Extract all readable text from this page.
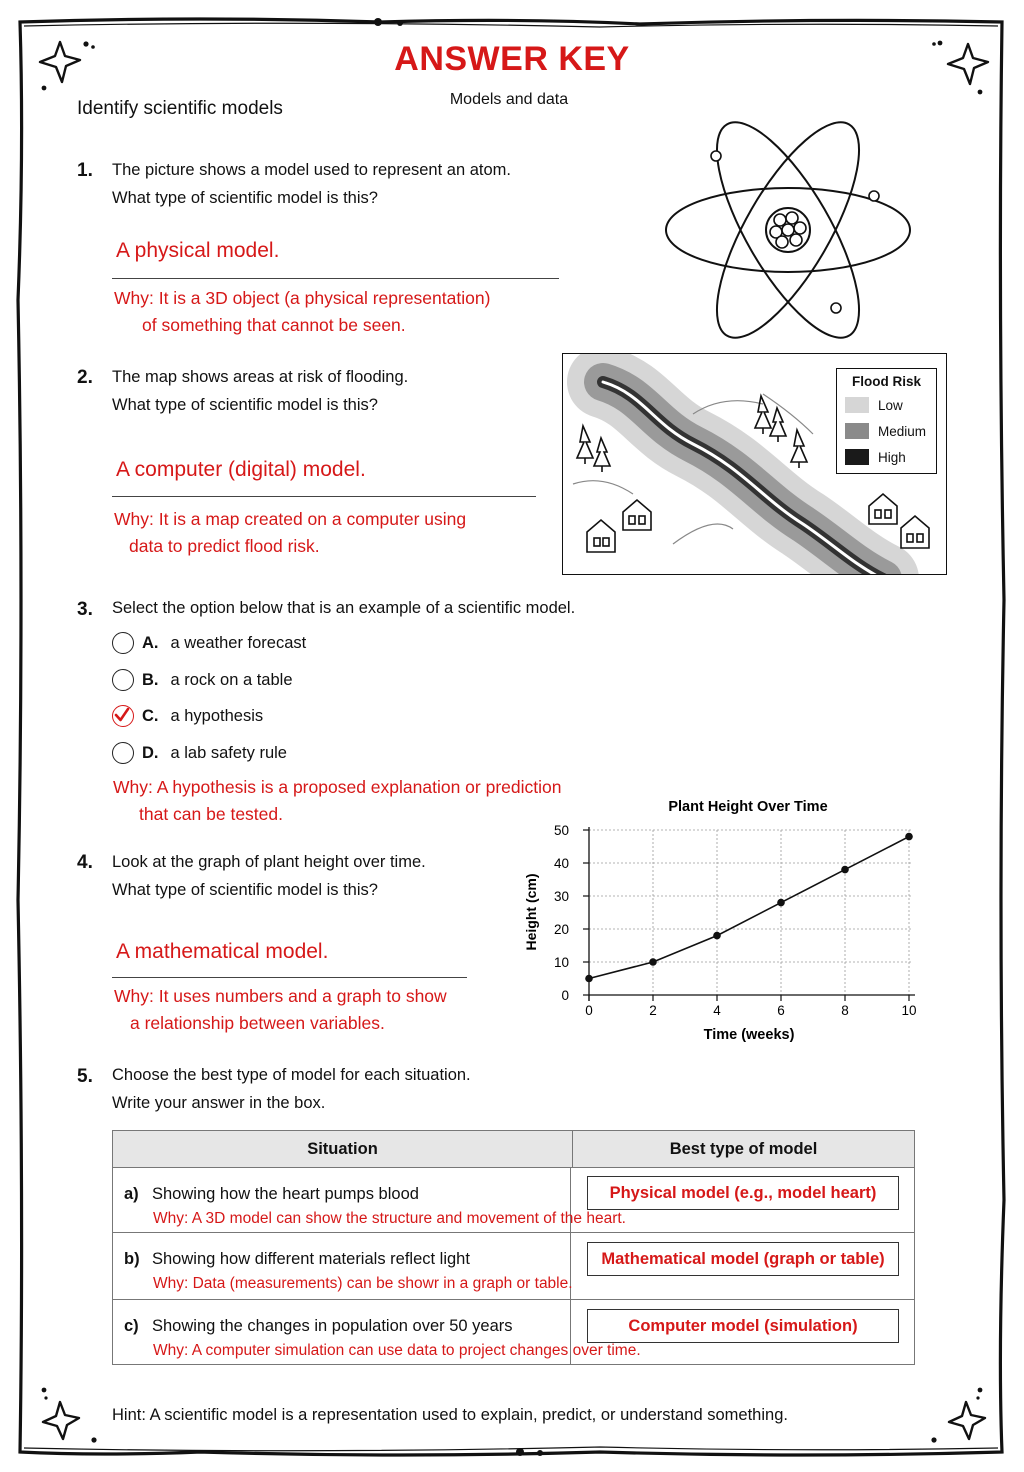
ANSWER KEY
Models and data
Identify scientific models
1. The picture shows a model used to represent an atom.
What type of scientific model is this?
A physical model.
Why: It is a 3D object (a physical representation)
of something that cannot be seen.
2. The map shows areas at risk of flooding.
What type of scientific model is this?
A computer (digital) model.
Why: It is a map created on a computer using
data to predict flood risk.
Flood Risk
Low
Medium
High
3. Select the option below that is an example of a scientific model.
A. a weather forecast
B. a rock on a table
C. a hypothesis
D. a lab safety rule
Why: A hypothesis is a proposed explanation or prediction
that can be tested.
4. Look at the graph of plant height over time.
What type of scientific model is this?
A mathematical model.
Why: It uses numbers and a graph to show
a relationship between variables.
Plant Height Over Time
Time (weeks)
Height (cm)
0
10
20
30
40
50
0	2	4	6	8	10
5. Choose the best type of model for each situation.
Write your answer in the box.
Situation	Best type of model

a) Showing how the heart pumps blood	Physical model (e.g., model heart)
Why: A 3D model can show the structure and movement of the heart.

b) Showing how different materials reflect light	Mathematical model (graph or table)
Why: Data (measurements) can be showr in a graph or table.

c) Showing the changes in population over 50 years	Computer model (simulation)
Why: A computer simulation can use data to project changes over time.
Hint: A scientific model is a representation used to explain, predict, or understand something.
